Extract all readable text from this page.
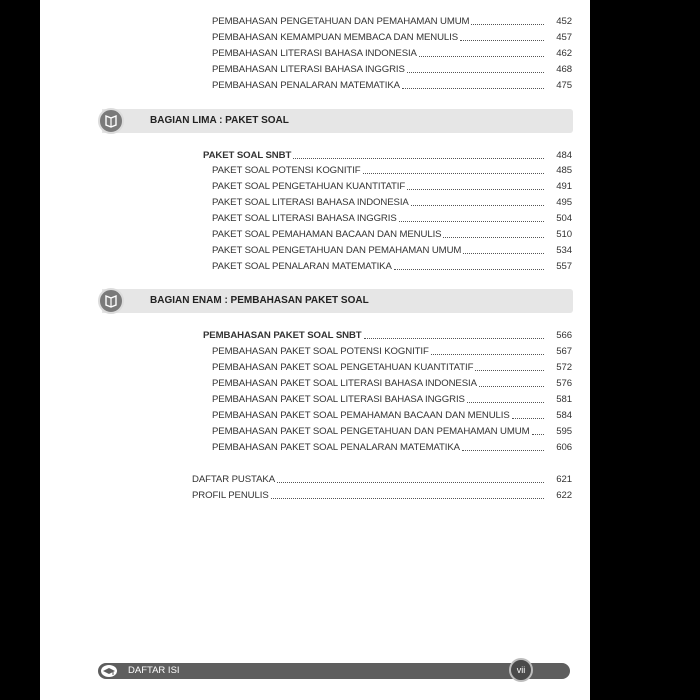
PEMBAHASAN PENGETAHUAN DAN PEMAHAMAN UMUM	452
PEMBAHASAN KEMAMPUAN MEMBACA DAN MENULIS	457
PEMBAHASAN LITERASI BAHASA INDONESIA	462
PEMBAHASAN LITERASI BAHASA INGGRIS	468
PEMBAHASAN PENALARAN MATEMATIKA	475
BAGIAN LIMA : PAKET SOAL
PAKET SOAL SNBT	484
PAKET SOAL POTENSI KOGNITIF	485
PAKET SOAL PENGETAHUAN KUANTITATIF	491
PAKET SOAL LITERASI BAHASA INDONESIA	495
PAKET SOAL LITERASI BAHASA INGGRIS	504
PAKET SOAL PEMAHAMAN BACAAN DAN MENULIS	510
PAKET SOAL PENGETAHUAN DAN PEMAHAMAN UMUM	534
PAKET SOAL PENALARAN MATEMATIKA	557
BAGIAN ENAM : PEMBAHASAN PAKET SOAL
PEMBAHASAN PAKET SOAL SNBT	566
PEMBAHASAN PAKET SOAL POTENSI KOGNITIF	567
PEMBAHASAN PAKET SOAL PENGETAHUAN KUANTITATIF	572
PEMBAHASAN PAKET SOAL LITERASI BAHASA INDONESIA	576
PEMBAHASAN PAKET SOAL LITERASI BAHASA INGGRIS	581
PEMBAHASAN PAKET SOAL PEMAHAMAN BACAAN DAN MENULIS	584
PEMBAHASAN PAKET SOAL PENGETAHUAN DAN PEMAHAMAN UMUM	595
PEMBAHASAN PAKET SOAL PENALARAN MATEMATIKA	606
DAFTAR PUSTAKA	621
PROFIL PENULIS	622
DAFTAR ISI	vii
